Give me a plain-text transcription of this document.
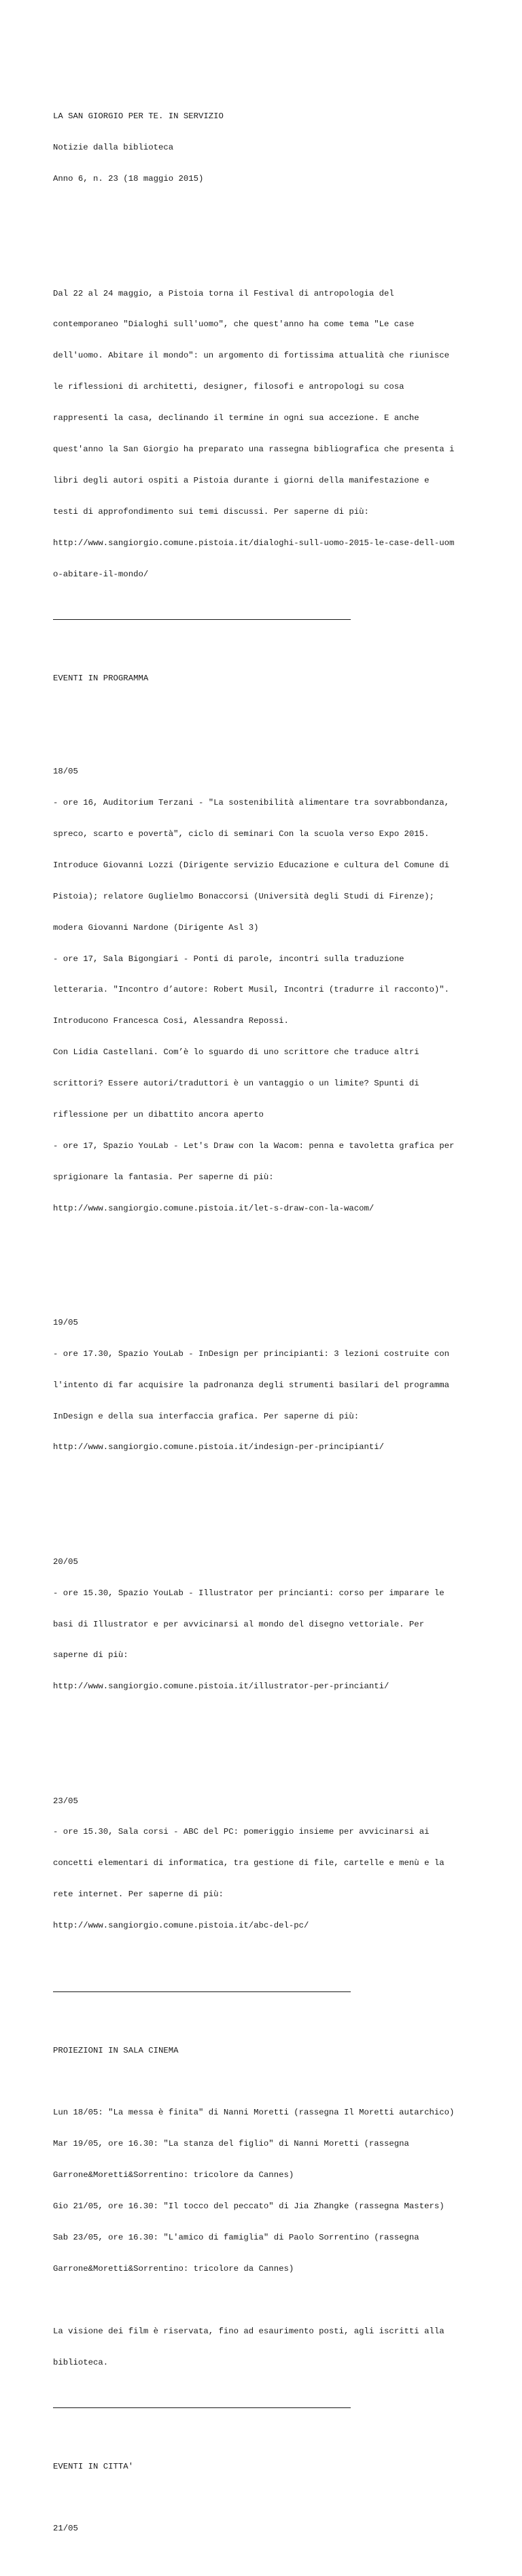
LA SAN GIORGIO PER TE. IN SERVIZIO

Notizie dalla biblioteca

Anno 6, n. 23 (18 maggio 2015)

Dal 22 al 24 maggio, a Pistoia torna il Festival di antropologia del

contemporaneo "Dialoghi sull'uomo", che quest'anno ha come tema "Le case

dell'uomo. Abitare il mondo": un argomento di fortissima attualità che riunisce

le riflessioni di architetti, designer, filosofi e antropologi su cosa

rappresenti la casa, declinando il termine in ogni sua accezione. E anche

quest'anno la San Giorgio ha preparato una rassegna bibliografica che presenta i

libri degli autori ospiti a Pistoia durante i giorni della manifestazione e

testi di approfondimento sui temi discussi. Per saperne di più:

http://www.sangiorgio.comune.pistoia.it/dialoghi-sull-uomo-2015-le-case-dell-uom

o-abitare-il-mondo/

EVENTI IN PROGRAMMA

18/05

- ore 16, Auditorium Terzani - "La sostenibilità alimentare tra sovrabbondanza,

spreco, scarto e povertà", ciclo di seminari Con la scuola verso Expo 2015.

Introduce Giovanni Lozzi (Dirigente servizio Educazione e cultura del Comune di

Pistoia); relatore Guglielmo Bonaccorsi (Università degli Studi di Firenze);

modera Giovanni Nardone (Dirigente Asl 3)

- ore 17, Sala Bigongiari - Ponti di parole, incontri sulla traduzione

letteraria. "Incontro d’autore: Robert Musil, Incontri (tradurre il racconto)".

Introducono Francesca Cosi, Alessandra Repossi.

Con Lidia Castellani. Com’è lo sguardo di uno scrittore che traduce altri

scrittori? Essere autori/traduttori è un vantaggio o un limite? Spunti di

riflessione per un dibattito ancora aperto

- ore 17, Spazio YouLab - Let's Draw con la Wacom: penna e tavoletta grafica per

sprigionare la fantasia. Per saperne di più:

http://www.sangiorgio.comune.pistoia.it/let-s-draw-con-la-wacom/

19/05

- ore 17.30, Spazio YouLab - InDesign per principianti: 3 lezioni costruite con

l'intento di far acquisire la padronanza degli strumenti basilari del programma

InDesign e della sua interfaccia grafica. Per saperne di più:

http://www.sangiorgio.comune.pistoia.it/indesign-per-principianti/

20/05

- ore 15.30, Spazio YouLab - Illustrator per princianti: corso per imparare le

basi di Illustrator e per avvicinarsi al mondo del disegno vettoriale. Per

saperne di più:

http://www.sangiorgio.comune.pistoia.it/illustrator-per-princianti/

23/05

- ore 15.30, Sala corsi - ABC del PC: pomeriggio insieme per avvicinarsi ai

concetti elementari di informatica, tra gestione di file, cartelle e menù e la

rete internet. Per saperne di più:

http://www.sangiorgio.comune.pistoia.it/abc-del-pc/

PROIEZIONI IN SALA CINEMA

Lun 18/05: "La messa è finita" di Nanni Moretti (rassegna Il Moretti autarchico)

Mar 19/05, ore 16.30: "La stanza del figlio" di Nanni Moretti (rassegna

Garrone&Moretti&Sorrentino: tricolore da Cannes)

Gio 21/05, ore 16.30: "Il tocco del peccato" di Jia Zhangke (rassegna Masters)

Sab 23/05, ore 16.30: "L'amico di famiglia" di Paolo Sorrentino (rassegna

Garrone&Moretti&Sorrentino: tricolore da Cannes)

La visione dei film è riservata, fino ad esaurimento posti, agli iscritti alla

biblioteca.

EVENTI IN CITTA'

21/05
